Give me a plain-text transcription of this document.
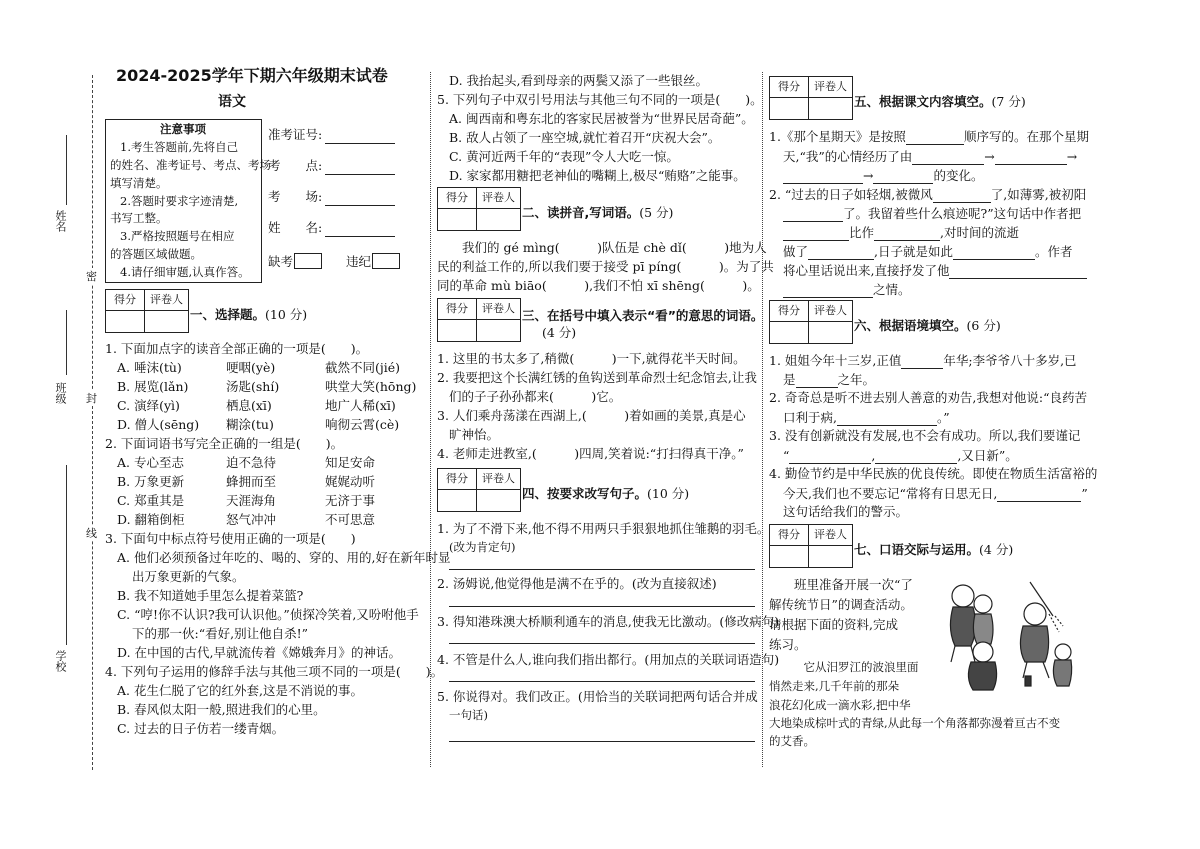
姓名
班级
学校
密
封
线
2024-2025学年下期六年级期末试卷
语文
注意事项
1.考生答题前,先将自己
的姓名、准考证号、考点、考场
填写清楚。
2.答题时要求字迹清楚,
书写工整。
3.严格按照题号在相应
的答题区域做题。
4.请仔细审题,认真作答。
准考证号:
考　　点:
考　　场:
姓　　名:
缺考	违纪
得分	评卷人
一、选择题。(10 分)
1. 下面加点字的读音全部正确的一项是(　　)。
A. 唾沫(tù)	哽咽(yè)	截然不同(jié)
B. 展览(lǎn)	汤匙(shí)	哄堂大笑(hōng)
C. 演绎(yì)	栖息(xī)	地广人稀(xī)
D. 僧人(sēng) 糊涂(tu)	响彻云霄(cè)
2. 下面词语书写完全正确的一组是(　　)。
A. 专心至志	迫不急待	知足安命
B. 万象更新	蜂拥而至	娓娓动听
C. 郑重其是	天涯海角	无济于事
D. 翻箱倒柜	怒气冲冲	不可思意
3. 下面句中标点符号使用正确的一项是(　　)
A. 他们必须预备过年吃的、喝的、穿的、用的,好在新年时显
出万象更新的气象。
B. 我不知道她手里怎么提着菜篮?
C. “哼!你不认识?我可认识他。”侦探冷笑着,又吩咐他手
下的那一伙:“看好,别让他自杀!”
D. 在中国的古代,早就流传着《嫦娥奔月》的神话。
4. 下列句子运用的修辞手法与其他三项不同的一项是(　　)。
A. 花生仁脱了它的红外套,这是不消说的事。
B. 春风似太阳一般,照进我们的心里。
C. 过去的日子仿若一缕青烟。
D. 我抬起头,看到母亲的两鬓又添了一些银丝。
5. 下列句子中双引号用法与其他三句不同的一项是(　　)。
A. 闽西南和粤东北的客家民居被誉为“世界民居奇葩”。
B. 敌人占领了一座空城,就忙着召开“庆祝大会”。
C. 黄河近两千年的“表现”令人大吃一惊。
D. 家家都用糖把老神仙的嘴糊上,极尽“贿赂”之能事。
得分	评卷人
二、读拼音,写词语。(5 分)
　　我们的 gé mìng(　　　)队伍是 chè dǐ(　　　)地为人
民的利益工作的,所以我们要于接受 pī píng(　　　)。为了共
同的革命 mù biāo(　　　),我们不怕 xī shēng(　　　)。
得分	评卷人 三、在括号中填入表示“看”的意思的词语。
(4 分)
1. 这里的书太多了,稍微(　　　)一下,就得花半天时间。
2. 我要把这个长满红锈的鱼钩送到革命烈士纪念馆去,让我
们的子子孙孙都来(　　　)它。
3. 人们乘舟荡漾在西湖上,(　　　)着如画的美景,真是心
旷神怡。
4. 老师走进教室,(　　　)四周,笑着说:“打扫得真干净。”
得分	评卷人
四、按要求改写句子。(10 分)
1. 为了不滑下来,他不得不用两只手狠狠地抓住雏鹅的羽毛。
(改为肯定句)
2. 汤姆说,他觉得他是满不在乎的。(改为直接叙述)
3. 得知港珠澳大桥顺利通车的消息,使我无比激动。(修改病句)
4. 不管是什么人,谁向我们指出都行。(用加点的关联词语造句)
5. 你说得对。我们改正。(用恰当的关联词把两句话合并成
一句话)
得分	评卷人
五、根据课文内容填空。(7 分)
1.《那个星期天》是按照	顺序写的。在那个星期
天,“我”的心情经历了由	→	→
→	的变化。
2. “过去的日子如轻烟,被微风	了,如薄雾,被初阳
了。我留着些什么痕迹呢?”这句话中作者把
比作	,对时间的流逝
做了	,日子就是如此	。作者
将心里话说出来,直接抒发了他
之情。
得分	评卷人
六、根据语境填空。(6 分)
1. 姐姐今年十三岁,正值	年华;李爷爷八十多岁,已
是	之年。
2. 奇奇总是听不进去别人善意的劝告,我想对他说:“良药苦
口利于病,	。”
3. 没有创新就没有发展,也不会有成功。所以,我们要谨记
“	,	,又日新”。
4. 勤俭节约是中华民族的优良传统。即使在物质生活富裕的
今天,我们也不要忘记“常将有日思无日,	”
这句话给我们的警示。
得分	评卷人
七、口语交际与运用。(4 分)
　　班里准备开展一次“了
解传统节日”的调查活动。
请根据下面的资料,完成
练习。
　　　它从汨罗江的波浪里面
悄然走来,几千年前的那朵
浪花幻化成一滴水彩,把中华
大地染成棕叶式的青绿,从此每一个角落都弥漫着亘古不变
的艾香。
